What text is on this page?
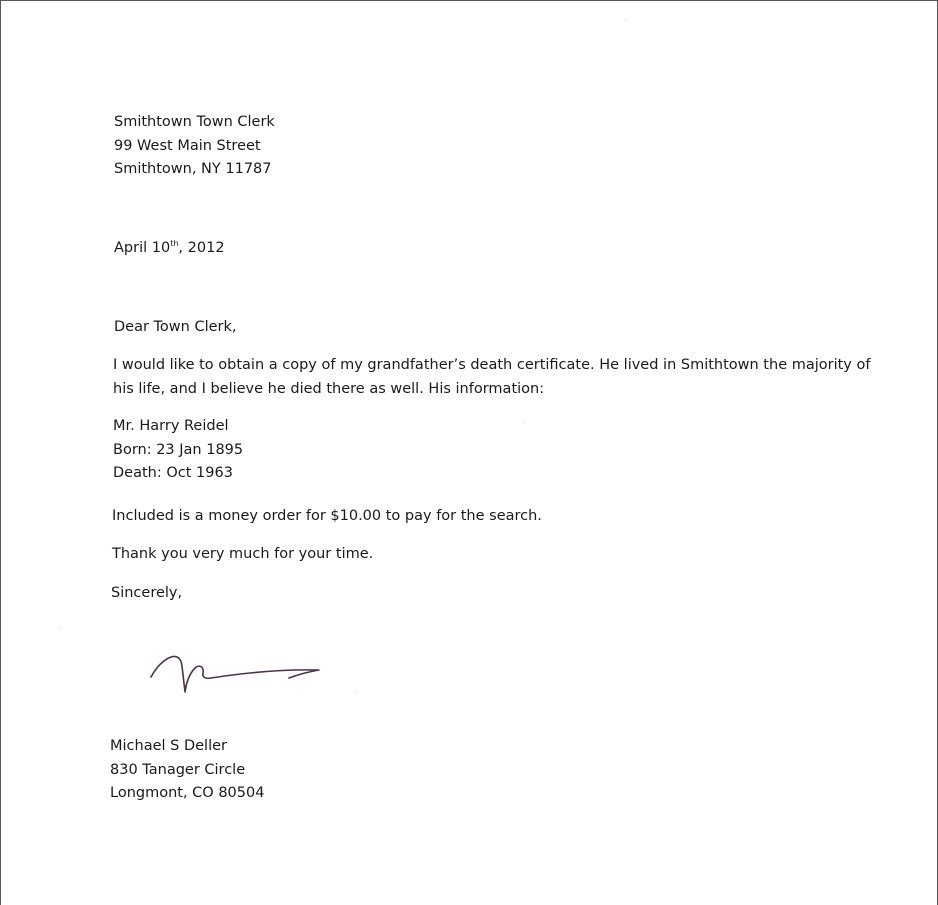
Smithtown Town Clerk
99 West Main Street
Smithtown, NY 11787
April 10th, 2012
Dear Town Clerk,
I would like to obtain a copy of my grandfather’s death certificate. He lived in Smithtown the majority of
his life, and I believe he died there as well. His information:
Mr. Harry Reidel
Born: 23 Jan 1895
Death: Oct 1963
Included is a money order for $10.00 to pay for the search.
Thank you very much for your time.
Sincerely,
Michael S Deller
830 Tanager Circle
Longmont, CO 80504
